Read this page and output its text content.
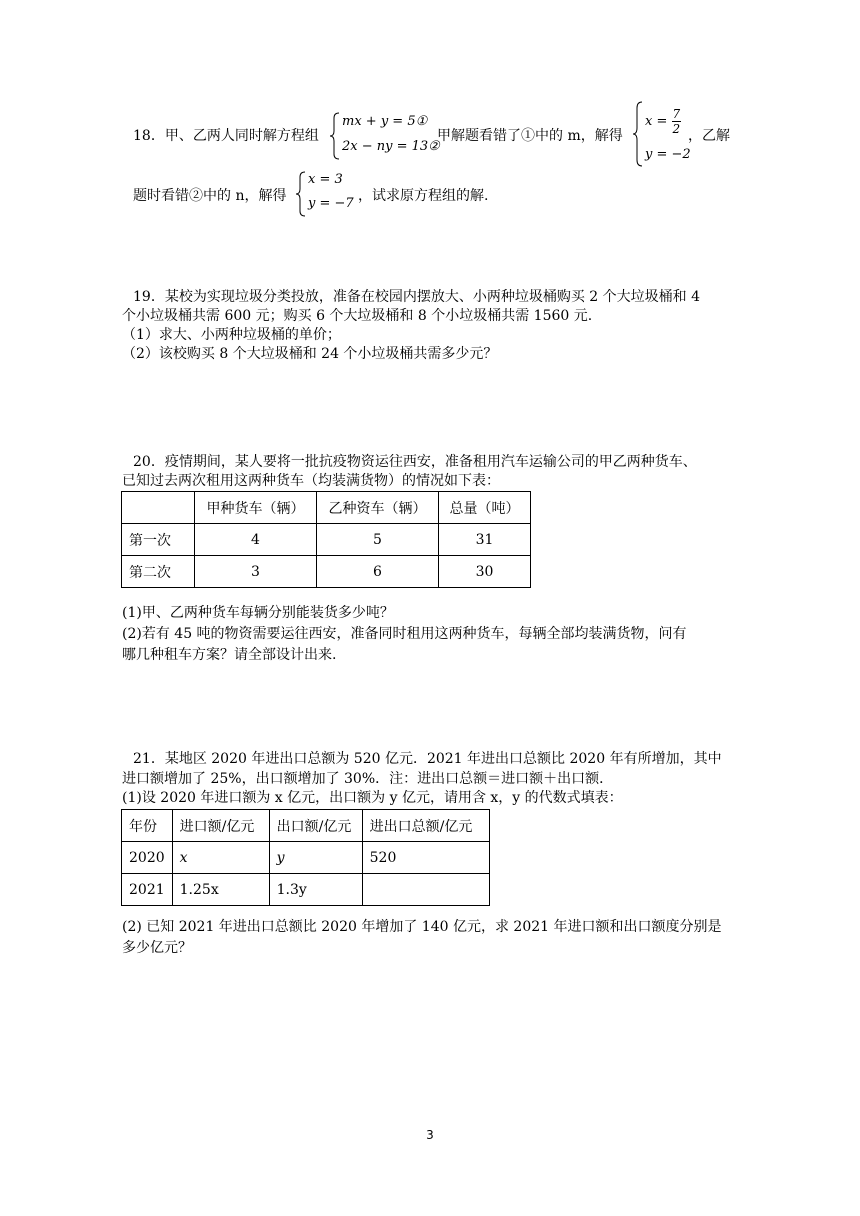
18．甲、乙两人同时解方程组
mx + y = 5①
2x − ny = 13②
甲解题看错了①中的 m，解得
$x = \frac{7}{2}$
y = −2
，乙解
题时看错②中的 n，解得
x = 3
y = −7 ，试求原方程组的解.
19．某校为实现垃圾分类投放，准备在校园内摆放大、小两种垃圾桶购买 2 个大垃圾桶和 4
个小垃圾桶共需 600 元；购买 6 个大垃圾桶和 8 个小垃圾桶共需 1560 元.
（1）求大、小两种垃圾桶的单价；
（2）该校购买 8 个大垃圾桶和 24 个小垃圾桶共需多少元？
20．疫情期间，某人要将一批抗疫物资运往西安，准备租用汽车运输公司的甲乙两种货车、
已知过去两次租用这两种货车（均装满货物）的情况如下表：
	甲种货车（辆）	乙种资车（辆）	总量（吨）
第一次	4	5	31
第二次	3	6	30
(1)甲、乙两种货车每辆分别能装货多少吨？
(2)若有 45 吨的物资需要运往西安，准备同时租用这两种货车，每辆全部均装满货物，问有
哪几种租车方案？请全部设计出来.
21．某地区 2020 年进出口总额为 520 亿元．2021 年进出口总额比 2020 年有所增加，其中
进口额增加了 25%，出口额增加了 30%．注：进出口总额＝进口额＋出口额．
(1)设 2020 年进口额为 x 亿元，出口额为 y 亿元，请用含 x，y 的代数式填表：
年份	进口额/亿元	出口额/亿元	进出口总额/亿元
2020	x	y	520
2021	1.25x	1.3y	
(2) 已知 2021 年进出口总额比 2020 年增加了 140 亿元，求 2021 年进口额和出口额度分别是
多少亿元？
3
